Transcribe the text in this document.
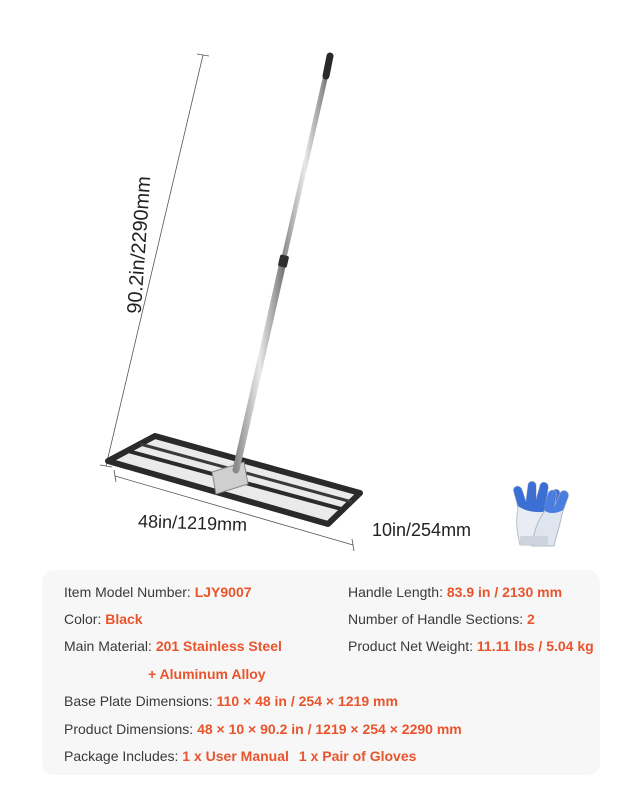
90.2in/2290mm
48in/1219mm	10in/254mm
Item Model Number: LJY9007	Handle Length: 83.9 in / 2130 mm
Color: Black	Number of Handle Sections: 2
Main Material: 201 Stainless Steel	Product Net Weight: 11.11 lbs / 5.04 kg
+ Aluminum Alloy
Base Plate Dimensions: 110 × 48 in / 254 × 1219 mm
Product Dimensions: 48 × 10 × 90.2 in / 1219 × 254 × 2290 mm
Package Includes: 1 x User Manual 1 x Pair of Gloves
